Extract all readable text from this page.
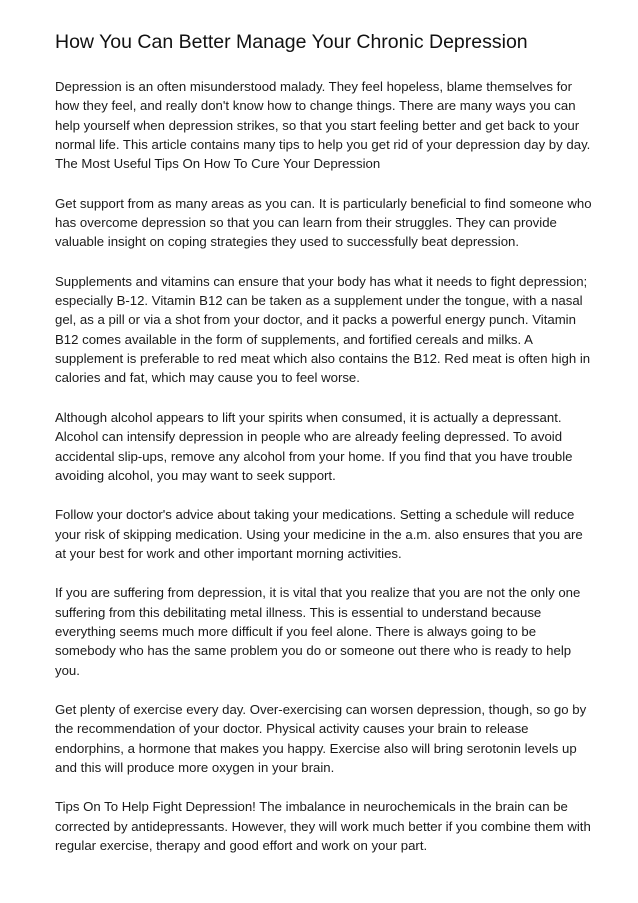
How You Can Better Manage Your Chronic Depression

Depression is an often misunderstood malady. They feel hopeless, blame themselves for how they feel, and really don't know how to change things. There are many ways you can help yourself when depression strikes, so that you start feeling better and get back to your normal life. This article contains many tips to help you get rid of your depression day by day.
The Most Useful Tips On How To Cure Your Depression

Get support from as many areas as you can. It is particularly beneficial to find someone who has overcome depression so that you can learn from their struggles. They can provide valuable insight on coping strategies they used to successfully beat depression.

Supplements and vitamins can ensure that your body has what it needs to fight depression; especially B-12. Vitamin B12 can be taken as a supplement under the tongue, with a nasal gel, as a pill or via a shot from your doctor, and it packs a powerful energy punch. Vitamin B12 comes available in the form of supplements, and fortified cereals and milks. A supplement is preferable to red meat which also contains the B12. Red meat is often high in calories and fat, which may cause you to feel worse.

Although alcohol appears to lift your spirits when consumed, it is actually a depressant. Alcohol can intensify depression in people who are already feeling depressed. To avoid accidental slip-ups, remove any alcohol from your home. If you find that you have trouble avoiding alcohol, you may want to seek support.

Follow your doctor's advice about taking your medications. Setting a schedule will reduce your risk of skipping medication. Using your medicine in the a.m. also ensures that you are at your best for work and other important morning activities.

If you are suffering from depression, it is vital that you realize that you are not the only one suffering from this debilitating metal illness. This is essential to understand because everything seems much more difficult if you feel alone. There is always going to be somebody who has the same problem you do or someone out there who is ready to help you.

Get plenty of exercise every day. Over-exercising can worsen depression, though, so go by the recommendation of your doctor. Physical activity causes your brain to release endorphins, a hormone that makes you happy. Exercise also will bring serotonin levels up and this will produce more oxygen in your brain.

Tips On To Help Fight Depression! The imbalance in neurochemicals in the brain can be corrected by antidepressants. However, they will work much better if you combine them with regular exercise, therapy and good effort and work on your part.
